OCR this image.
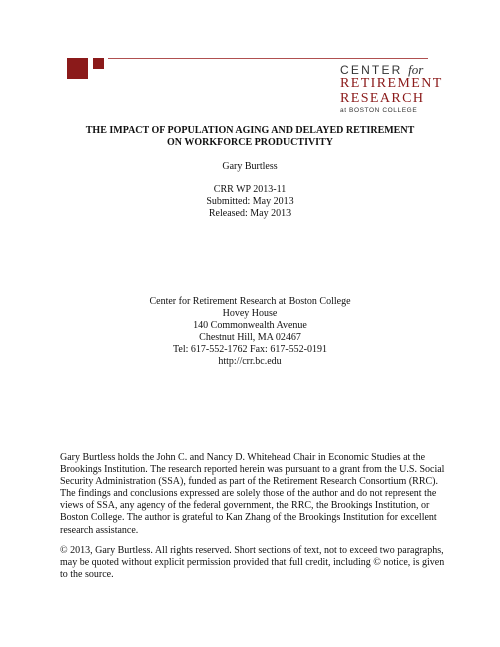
CENTER for
RETIREMENT
RESEARCH
at BOSTON COLLEGE
THE IMPACT OF POPULATION AGING AND DELAYED RETIREMENT
ON WORKFORCE PRODUCTIVITY
Gary Burtless
CRR WP 2013-11
Submitted: May 2013
Released: May 2013
Center for Retirement Research at Boston College
Hovey House
140 Commonwealth Avenue
Chestnut Hill, MA 02467
Tel: 617-552-1762 Fax: 617-552-0191
http://crr.bc.edu
Gary Burtless holds the John C. and Nancy D. Whitehead Chair in Economic Studies at the
Brookings Institution. The research reported herein was pursuant to a grant from the U.S. Social
Security Administration (SSA), funded as part of the Retirement Research Consortium (RRC).
The findings and conclusions expressed are solely those of the author and do not represent the
views of SSA, any agency of the federal government, the RRC, the Brookings Institution, or
Boston College. The author is grateful to Kan Zhang of the Brookings Institution for excellent
research assistance.
© 2013, Gary Burtless. All rights reserved. Short sections of text, not to exceed two paragraphs,
may be quoted without explicit permission provided that full credit, including © notice, is given
to the source.
